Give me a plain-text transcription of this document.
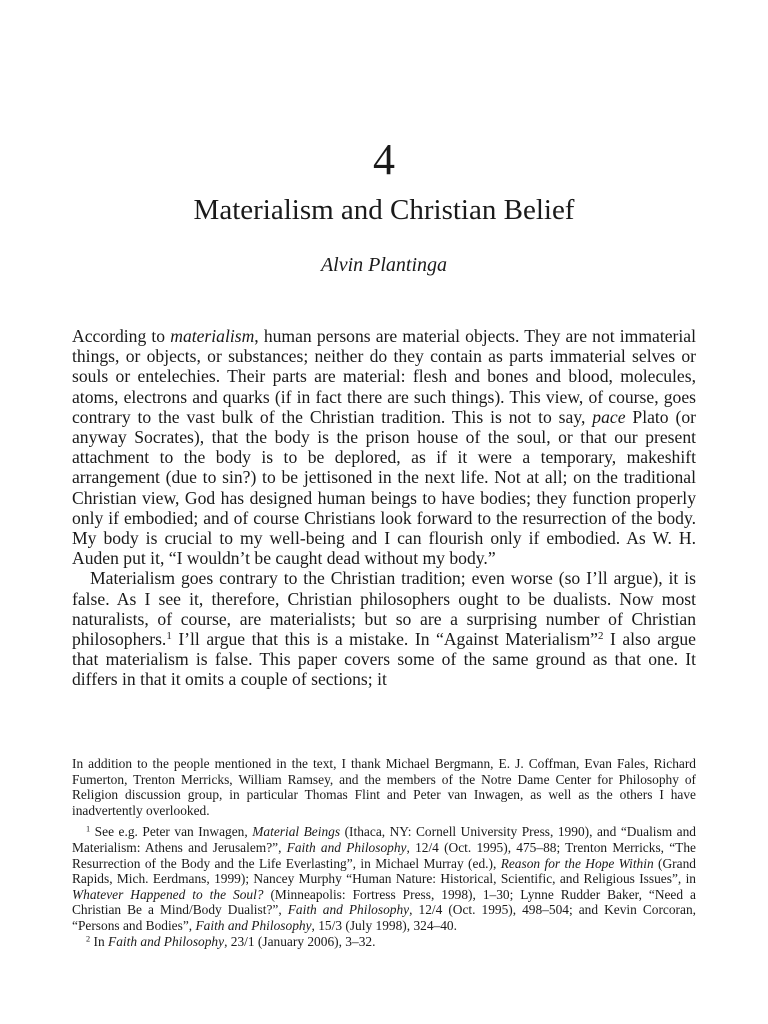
4
Materialism and Christian Belief
Alvin Plantinga

According to materialism, human persons are material objects. They are not immaterial things, or objects, or substances; neither do they contain as parts immaterial selves or souls or entelechies. Their parts are material: flesh and bones and blood, molecules, atoms, electrons and quarks (if in fact there are such things). This view, of course, goes contrary to the vast bulk of the Christian tradition. This is not to say, pace Plato (or anyway Socrates), that the body is the prison house of the soul, or that our present attachment to the body is to be deplored, as if it were a temporary, makeshift arrangement (due to sin?) to be jettisoned in the next life. Not at all; on the traditional Christian view, God has designed human beings to have bodies; they function properly only if embodied; and of course Christians look forward to the resurrection of the body. My body is crucial to my well-being and I can flourish only if embodied. As W. H. Auden put it, “I wouldn’t be caught dead without my body.”

Materialism goes contrary to the Christian tradition; even worse (so I’ll argue), it is false. As I see it, therefore, Christian philosophers ought to be dualists. Now most naturalists, of course, are materialists; but so are a surprising number of Christian philosophers.$^1$ I’ll argue that this is a mistake. In “Against Materialism”$^2$ I also argue that materialism is false. This paper covers some of the same ground as that one. It differs in that it omits a couple of sections; it

In addition to the people mentioned in the text, I thank Michael Bergmann, E. J. Coffman, Evan Fales, Richard Fumerton, Trenton Merricks, William Ramsey, and the members of the Notre Dame Center for Philosophy of Religion discussion group, in particular Thomas Flint and Peter van Inwagen, as well as the others I have inadvertently overlooked.

$^1$ See e.g. Peter van Inwagen, Material Beings (Ithaca, NY: Cornell University Press, 1990), and “Dualism and Materialism: Athens and Jerusalem?”, Faith and Philosophy, 12/4 (Oct. 1995), 475–88; Trenton Merricks, “The Resurrection of the Body and the Life Everlasting”, in Michael Murray (ed.), Reason for the Hope Within (Grand Rapids, Mich. Eerdmans, 1999); Nancey Murphy “Human Nature: Historical, Scientific, and Religious Issues”, in Whatever Happened to the Soul? (Minneapolis: Fortress Press, 1998), 1–30; Lynne Rudder Baker, “Need a Christian Be a Mind/Body Dualist?”, Faith and Philosophy, 12/4 (Oct. 1995), 498–504; and Kevin Corcoran, “Persons and Bodies”, Faith and Philosophy, 15/3 (July 1998), 324–40.

$^2$ In Faith and Philosophy, 23/1 (January 2006), 3–32.
